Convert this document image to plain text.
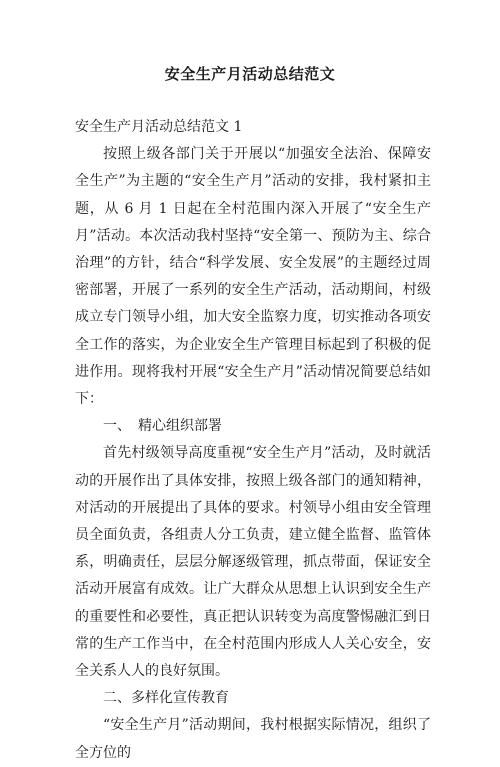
安全生产月活动总结范文

安全生产月活动总结范文 1

按照上级各部门关于开展以“加强安全法治、保障安全生产”为主题的“安全生产月”活动的安排，我村紧扣主题，从 6 月 1 日起在全村范围内深入开展了“安全生产月”活动。本次活动我村坚持“安全第一、预防为主、综合治理”的方针，结合“科学发展、安全发展”的主题经过周密部署，开展了一系列的安全生产活动，活动期间，村级成立专门领导小组，加大安全监察力度，切实推动各项安全工作的落实，为企业安全生产管理目标起到了积极的促进作用。现将我村开展“安全生产月”活动情况简要总结如下：

一、　精心组织部署

首先村级领导高度重视“安全生产月”活动，及时就活动的开展作出了具体安排，按照上级各部门的通知精神，对活动的开展提出了具体的要求。村领导小组由安全管理员全面负责，各组责人分工负责，建立健全监督、监管体系，明确责任，层层分解逐级管理，抓点带面，保证安全活动开展富有成效。让广大群众从思想上认识到安全生产的重要性和必要性，真正把认识转变为高度警惕融汇到日常的生产工作当中，在全村范围内形成人人关心安全，安全关系人人的良好氛围。

二、多样化宣传教育

“安全生产月”活动期间，我村根据实际情况，组织了全方位的
